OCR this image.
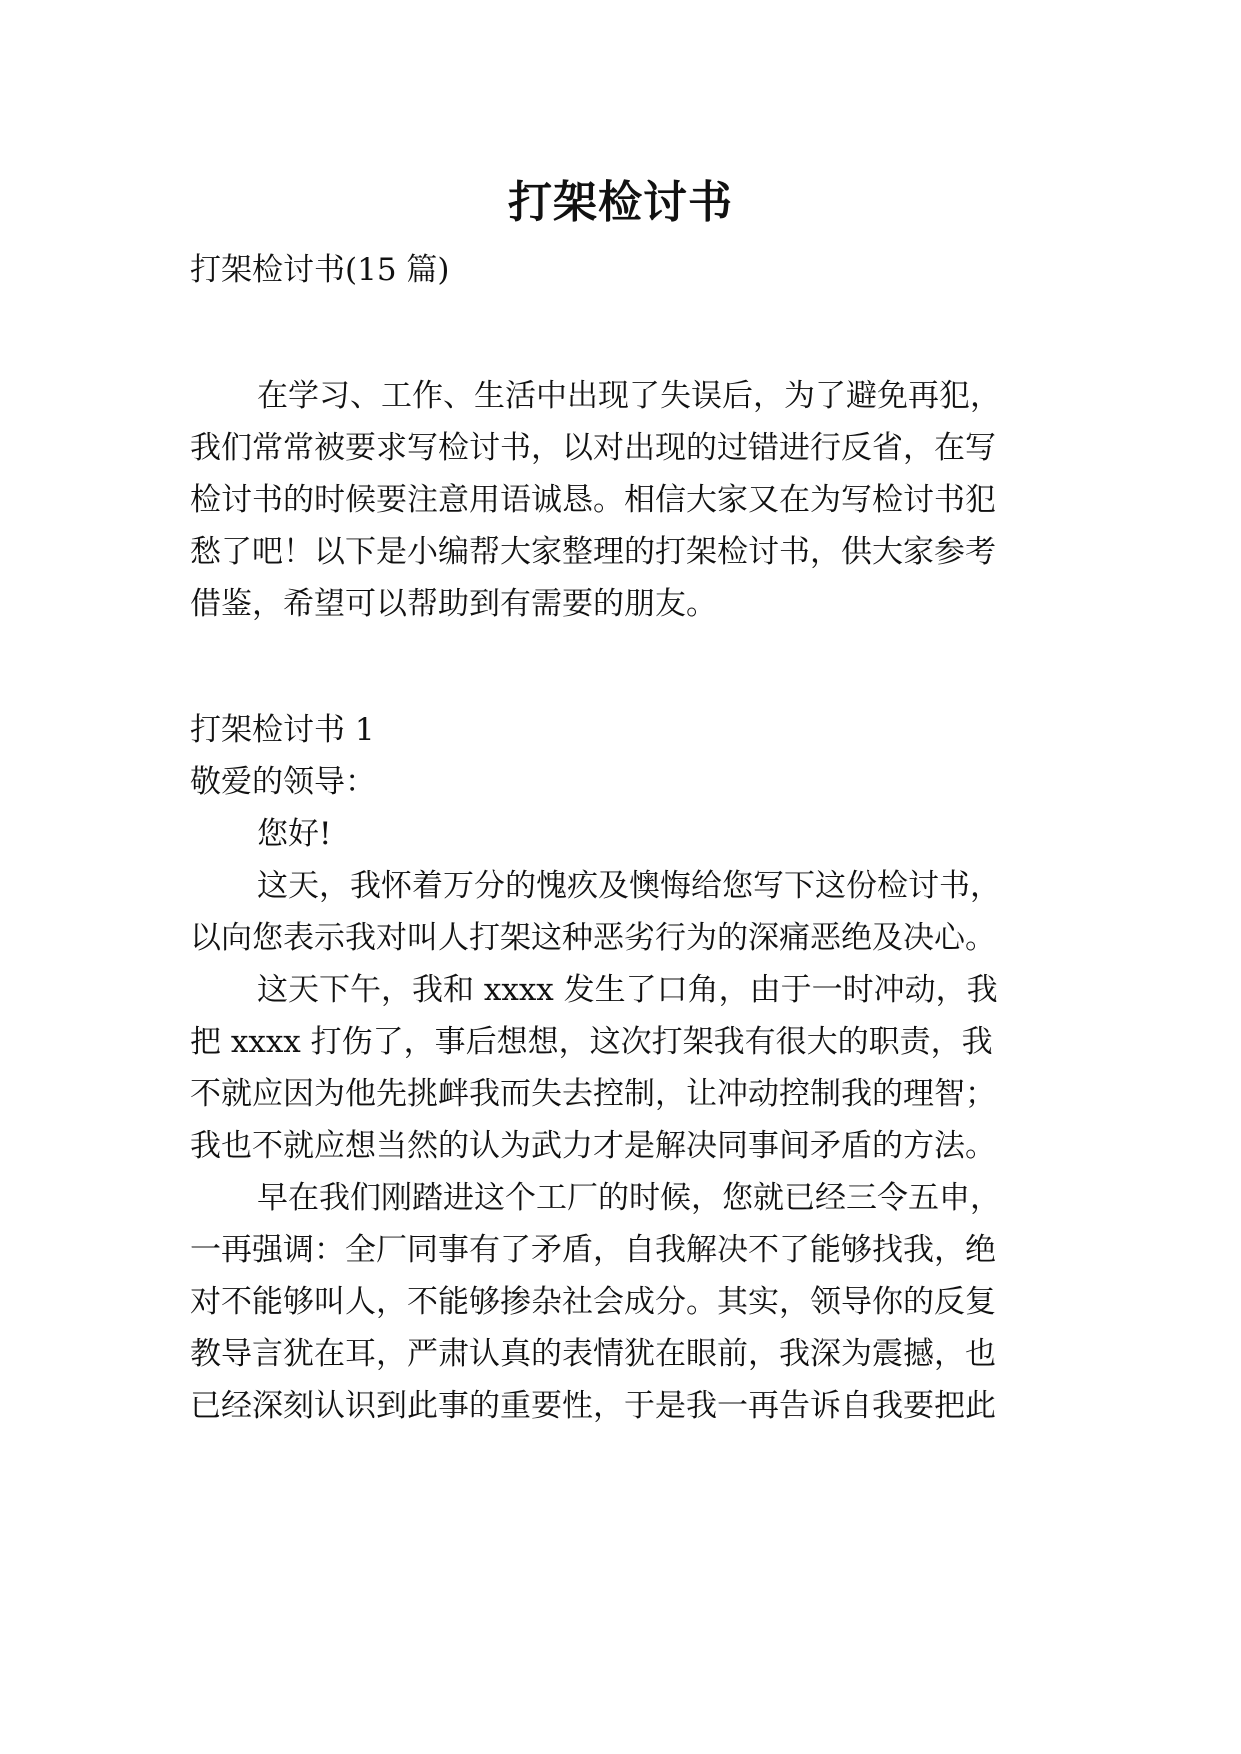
打架检讨书

打架检讨书(15 篇)

在学习、工作、生活中出现了失误后，为了避免再犯，

我们常常被要求写检讨书，以对出现的过错进行反省，在写

检讨书的时候要注意用语诚恳。相信大家又在为写检讨书犯

愁了吧！以下是小编帮大家整理的打架检讨书，供大家参考

借鉴，希望可以帮助到有需要的朋友。

打架检讨书 1

敬爱的领导：

您好!

这天，我怀着万分的愧疚及懊悔给您写下这份检讨书，

以向您表示我对叫人打架这种恶劣行为的深痛恶绝及决心。

这天下午，我和 xxxx 发生了口角，由于一时冲动，我

把 xxxx 打伤了，事后想想，这次打架我有很大的职责，我

不就应因为他先挑衅我而失去控制，让冲动控制我的理智；

我也不就应想当然的认为武力才是解决同事间矛盾的方法。

早在我们刚踏进这个工厂的时候，您就已经三令五申，

一再强调：全厂同事有了矛盾，自我解决不了能够找我，绝

对不能够叫人，不能够掺杂社会成分。其实，领导你的反复

教导言犹在耳，严肃认真的表情犹在眼前，我深为震撼，也

已经深刻认识到此事的重要性，于是我一再告诉自我要把此
